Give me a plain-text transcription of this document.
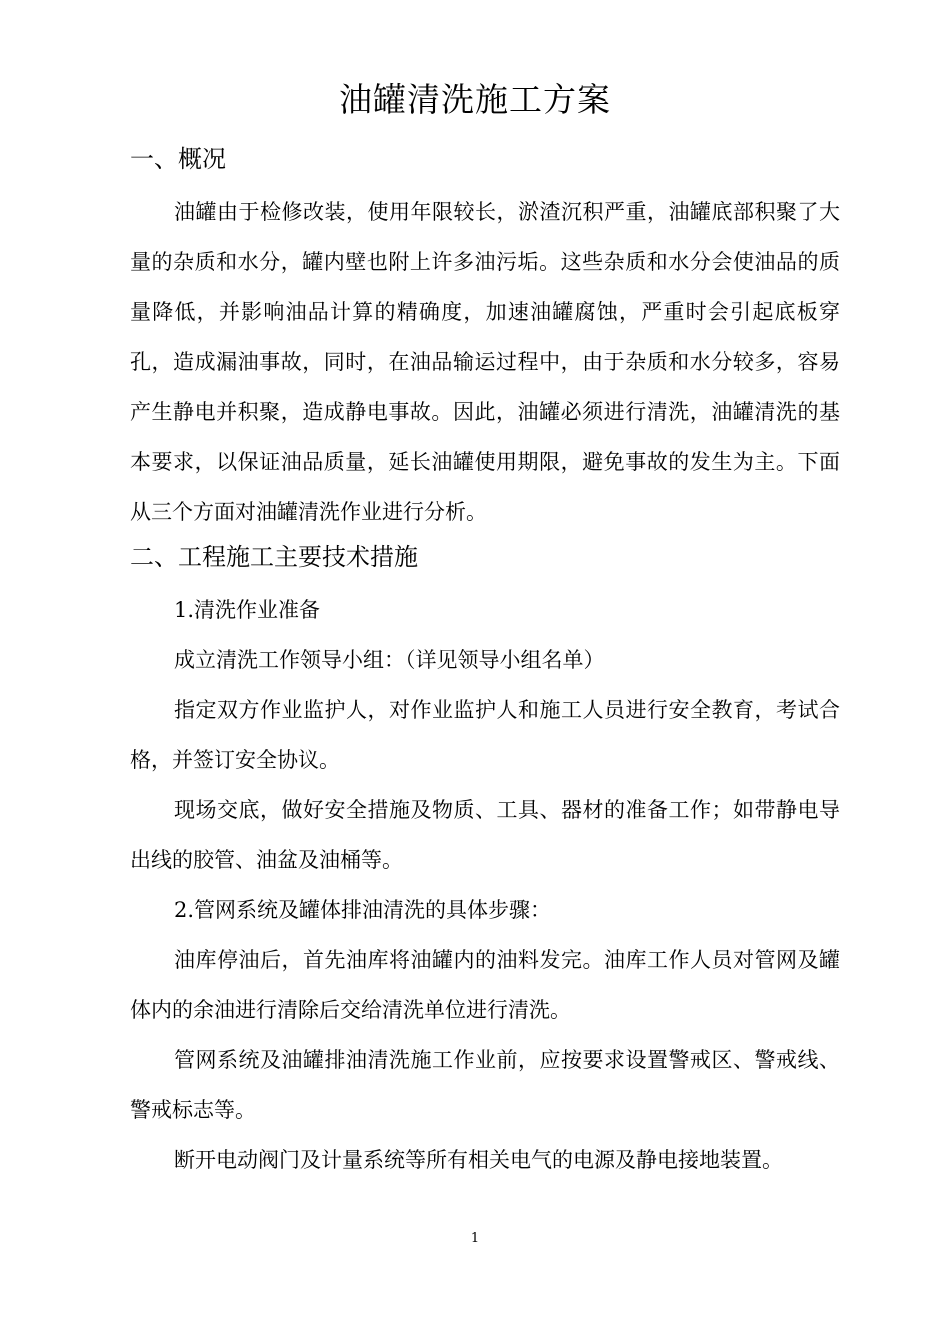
油罐清洗施工方案
一、概况

油罐由于检修改装，使用年限较长，淤渣沉积严重，油罐底部积聚了大量的杂质和水分，罐内壁也附上许多油污垢。这些杂质和水分会使油品的质量降低，并影响油品计算的精确度，加速油罐腐蚀，严重时会引起底板穿孔，造成漏油事故，同时，在油品输运过程中，由于杂质和水分较多，容易产生静电并积聚，造成静电事故。因此，油罐必须进行清洗，油罐清洗的基本要求，以保证油品质量，延长油罐使用期限，避免事故的发生为主。下面从三个方面对油罐清洗作业进行分析。

二、工程施工主要技术措施

1.清洗作业准备

成立清洗工作领导小组：（详见领导小组名单）

指定双方作业监护人，对作业监护人和施工人员进行安全教育，考试合格，并签订安全协议。

现场交底，做好安全措施及物质、工具、器材的准备工作；如带静电导出线的胶管、油盆及油桶等。

2.管网系统及罐体排油清洗的具体步骤：

油库停油后，首先油库将油罐内的油料发完。油库工作人员对管网及罐体内的余油进行清除后交给清洗单位进行清洗。

管网系统及油罐排油清洗施工作业前，应按要求设置警戒区、警戒线、警戒标志等。

断开电动阀门及计量系统等所有相关电气的电源及静电接地装置。

1
